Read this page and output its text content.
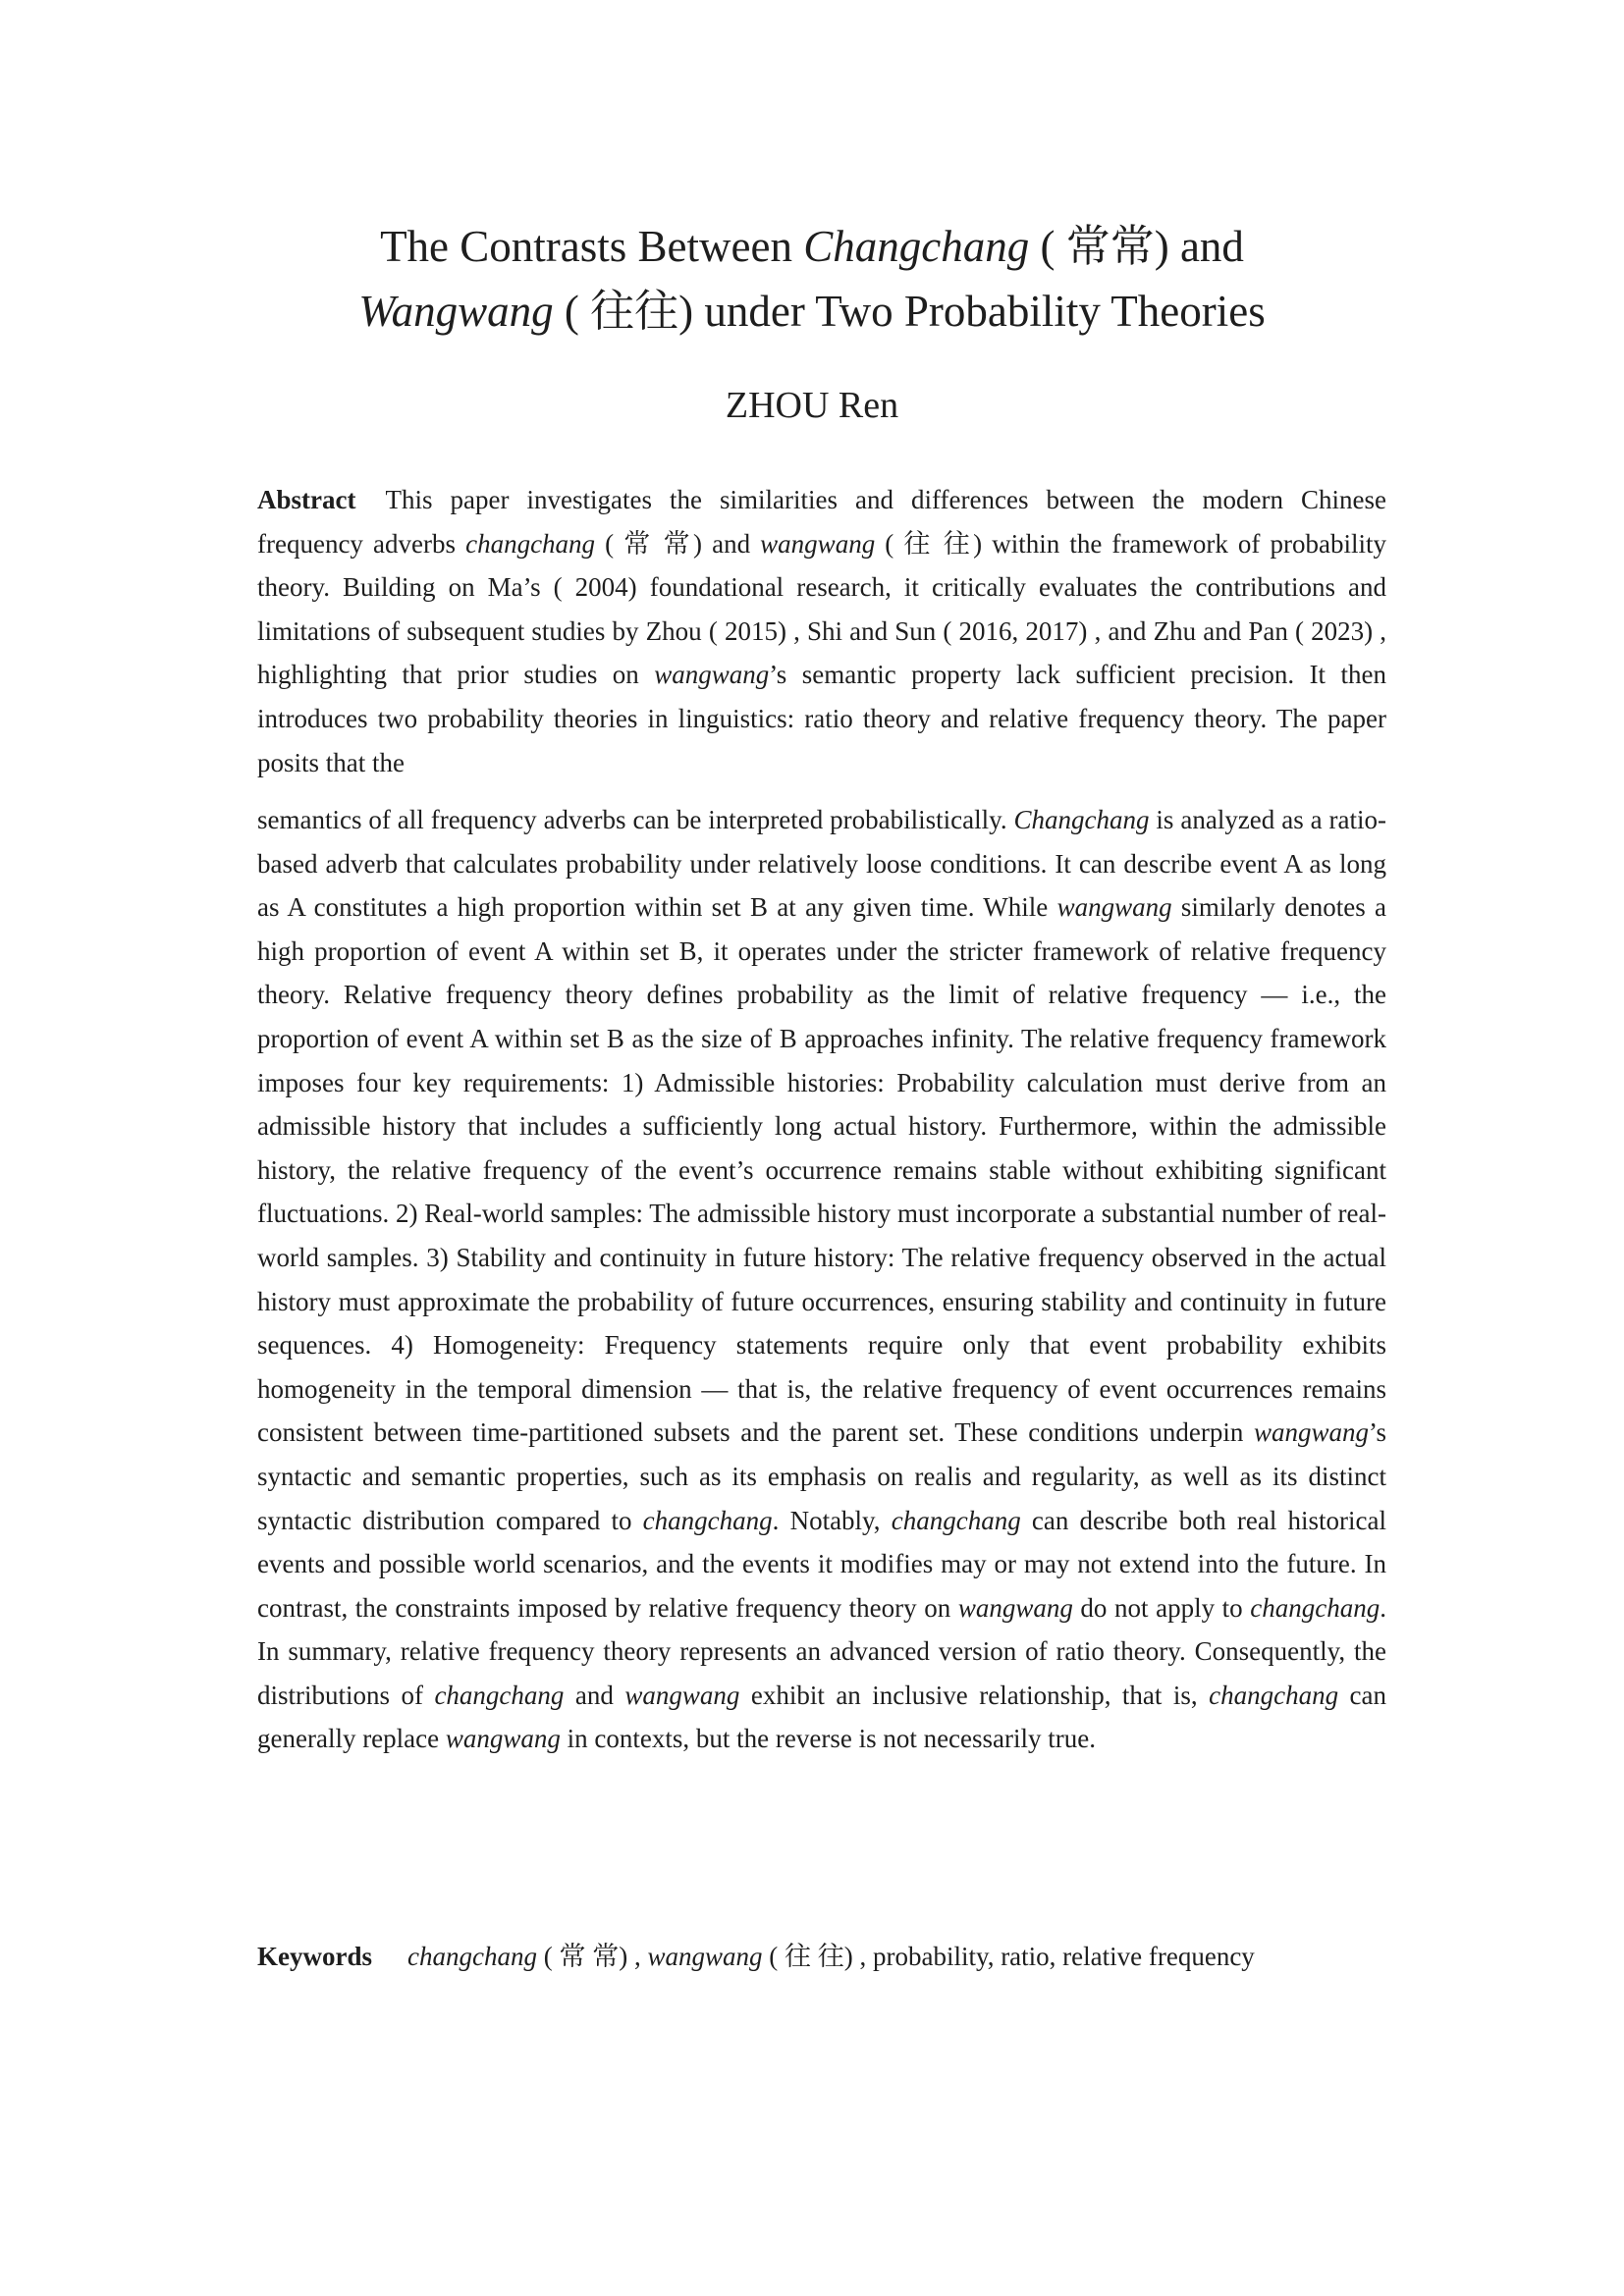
The Contrasts Between Changchang ( 常常) and
Wangwang ( 往往) under Two Probability Theories
ZHOU Ren

Abstract This paper investigates the similarities and differences between the modern Chinese frequency adverbs changchang ( 常 常) and wangwang ( 往 往) within the framework of probability theory. Building on Ma’s ( 2004) foundational research, it critically evaluates the contributions and limitations of subsequent studies by Zhou ( 2015) , Shi and Sun ( 2016, 2017) , and Zhu and Pan ( 2023) , highlighting that prior studies on wangwang’s semantic property lack sufficient precision. It then introduces two probability theories in linguistics: ratio theory and relative frequency theory. The paper posits that the

semantics of all frequency adverbs can be interpreted probabilistically. Changchang is analyzed as a ratio-based adverb that calculates probability under relatively loose conditions. It can describe event A as long as A constitutes a high proportion within set B at any given time. While wangwang similarly denotes a high proportion of event A within set B, it operates under the stricter framework of relative frequency theory. Relative frequency theory defines probability as the limit of relative frequency — i.e., the proportion of event A within set B as the size of B approaches infinity. The relative frequency framework imposes four key requirements: 1) Admissible histories: Probability calculation must derive from an admissible history that includes a sufficiently long actual history. Furthermore, within the admissible history, the relative frequency of the event’s occurrence remains stable without exhibiting significant fluctuations. 2) Real-world samples: The admissible history must incorporate a substantial number of real-world samples. 3) Stability and continuity in future history: The relative frequency observed in the actual history must approximate the probability of future occurrences, ensuring stability and continuity in future sequences. 4) Homogeneity: Frequency statements require only that event probability exhibits homogeneity in the temporal dimension — that is, the relative frequency of event occurrences remains consistent between time-partitioned subsets and the parent set. These conditions underpin wangwang’s syntactic and semantic properties, such as its emphasis on realis and regularity, as well as its distinct syntactic distribution compared to changchang. Notably, changchang can describe both real historical events and possible world scenarios, and the events it modifies may or may not extend into the future. In contrast, the constraints imposed by relative frequency theory on wangwang do not apply to changchang. In summary, relative frequency theory represents an advanced version of ratio theory. Consequently, the distributions of changchang and wangwang exhibit an inclusive relationship, that is, changchang can generally replace wangwang in contexts, but the reverse is not necessarily true.

Keywords changchang ( 常 常) , wangwang ( 往 往) , probability, ratio, relative frequency
